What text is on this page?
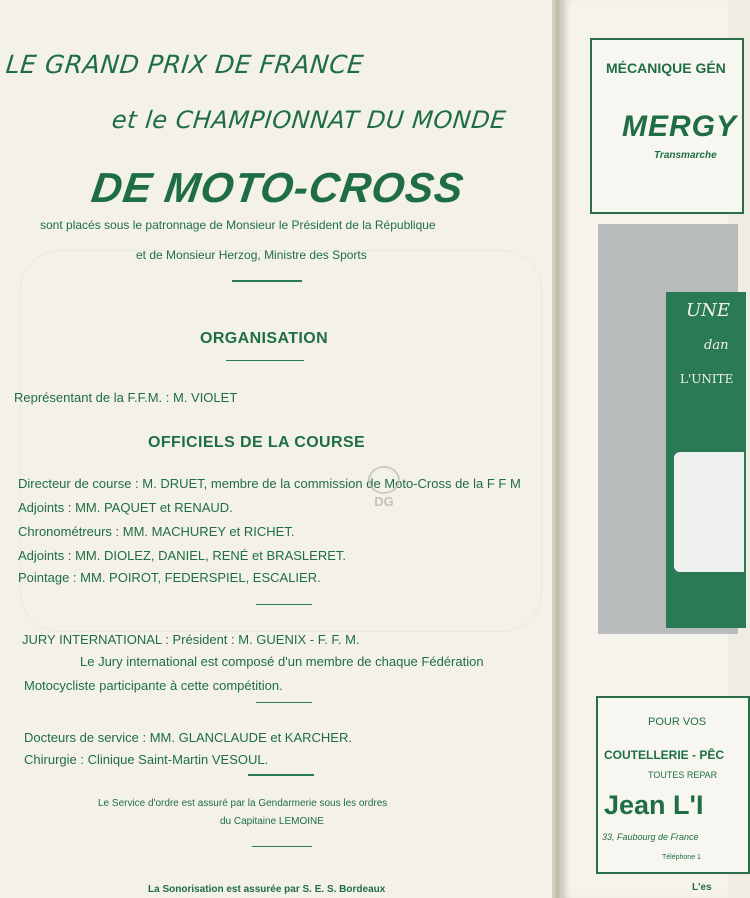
LE GRAND PRIX DE FRANCE
et le CHAMPIONNAT DU MONDE
DE MOTO-CROSS
sont placés sous le patronnage de Monsieur le Président de la République
et de Monsieur Herzog, Ministre des Sports
ORGANISATION
Représentant de la F.F.M. : M. VIOLET
OFFICIELS DE LA COURSE
Directeur de course : M. DRUET, membre de la commission de Moto-Cross de la F F M
Adjoints : MM. PAQUET et RENAUD.
Chronométreurs : MM. MACHUREY et RICHET.
Adjoints : MM. DIOLEZ, DANIEL, RENÉ et BRASLERET.
Pointage : MM. POIROT, FEDERSPIEL, ESCALIER.
DG
JURY INTERNATIONAL : Président : M. GUENIX - F. F. M.
Le Jury international est composé d'un membre de chaque Fédération
Motocycliste participante à cette compétition.
Docteurs de service : MM. GLANCLAUDE et KARCHER.
Chirurgie : Clinique Saint-Martin VESOUL.
Le Service d'ordre est assuré par la Gendarmerie sous les ordres
du Capitaine LEMOINE
La Sonorisation est assurée par S. E. S. Bordeaux
MÉCANIQUE GÉN
MERGY
Transmarche
UNE
dan
L'UNITE
POUR VOS
COUTELLERIE - PÊC
TOUTES REPAR
Jean L'I
33, Faubourg de France
Téléphone 1
L'es
